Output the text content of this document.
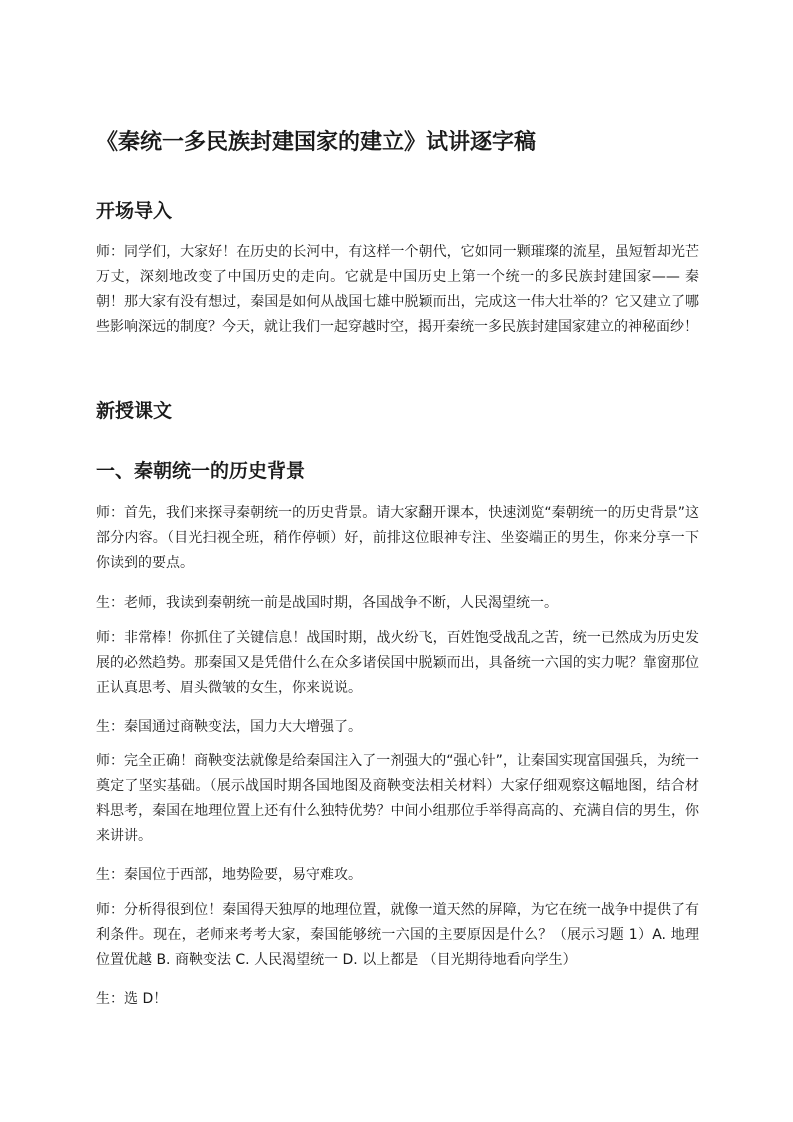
《秦统一多民族封建国家的建立》试讲逐字稿
开场导入

师：同学们，大家好！在历史的长河中，有这样一个朝代，它如同一颗璀璨的流星，虽短暂却光芒万丈，深刻地改变了中国历史的走向。它就是中国历史上第一个统一的多民族封建国家—— 秦朝！那大家有没有想过，秦国是如何从战国七雄中脱颖而出，完成这一伟大壮举的？它又建立了哪些影响深远的制度？今天，就让我们一起穿越时空，揭开秦统一多民族封建国家建立的神秘面纱！

新授课文
一、秦朝统一的历史背景

师：首先，我们来探寻秦朝统一的历史背景。请大家翻开课本，快速浏览“秦朝统一的历史背景”这部分内容。（目光扫视全班，稍作停顿）好，前排这位眼神专注、坐姿端正的男生，你来分享一下你读到的要点。

生：老师，我读到秦朝统一前是战国时期，各国战争不断，人民渴望统一。

师：非常棒！你抓住了关键信息！战国时期，战火纷飞，百姓饱受战乱之苦，统一已然成为历史发展的必然趋势。那秦国又是凭借什么在众多诸侯国中脱颖而出，具备统一六国的实力呢？靠窗那位正认真思考、眉头微皱的女生，你来说说。

生：秦国通过商鞅变法，国力大大增强了。

师：完全正确！商鞅变法就像是给秦国注入了一剂强大的“强心针”，让秦国实现富国强兵，为统一奠定了坚实基础。（展示战国时期各国地图及商鞅变法相关材料）大家仔细观察这幅地图，结合材料思考，秦国在地理位置上还有什么独特优势？中间小组那位手举得高高的、充满自信的男生，你来讲讲。

生：秦国位于西部，地势险要，易守难攻。

师：分析得很到位！秦国得天独厚的地理位置，就像一道天然的屏障，为它在统一战争中提供了有利条件。现在，老师来考考大家，秦国能够统一六国的主要原因是什么？（展示习题 1）A. 地理位置优越 B. 商鞅变法 C. 人民渴望统一 D. 以上都是 （目光期待地看向学生）

生：选 D！
